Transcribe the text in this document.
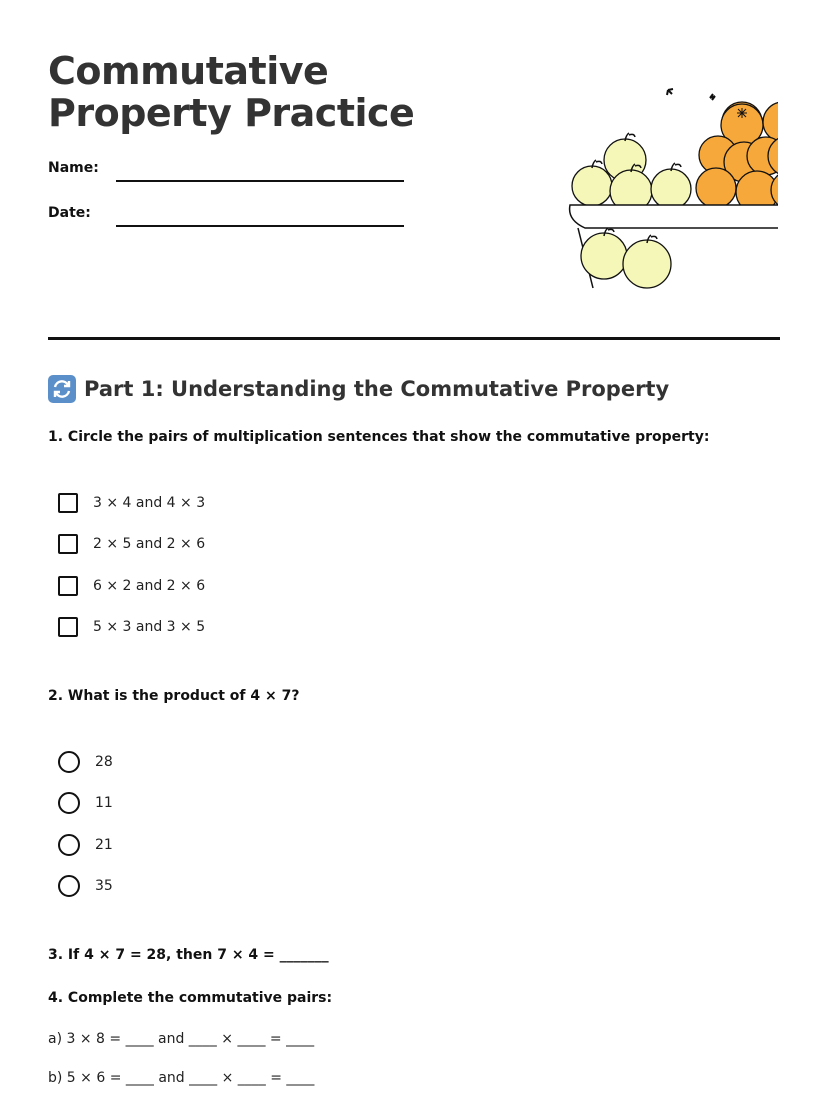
Commutative Property Practice
Name:
Date:
Part 1: Understanding the Commutative Property
1. Circle the pairs of multiplication sentences that show the commutative property:
3 × 4 and 4 × 3
2 × 5 and 2 × 6
6 × 2 and 2 × 6
5 × 3 and 3 × 5
2. What is the product of 4 × 7?
28
11
21
35
3. If 4 × 7 = 28, then 7 × 4 = _______
4. Complete the commutative pairs:
a) 3 × 8 = ____ and ____ × ____ = ____
b) 5 × 6 = ____ and ____ × ____ = ____
